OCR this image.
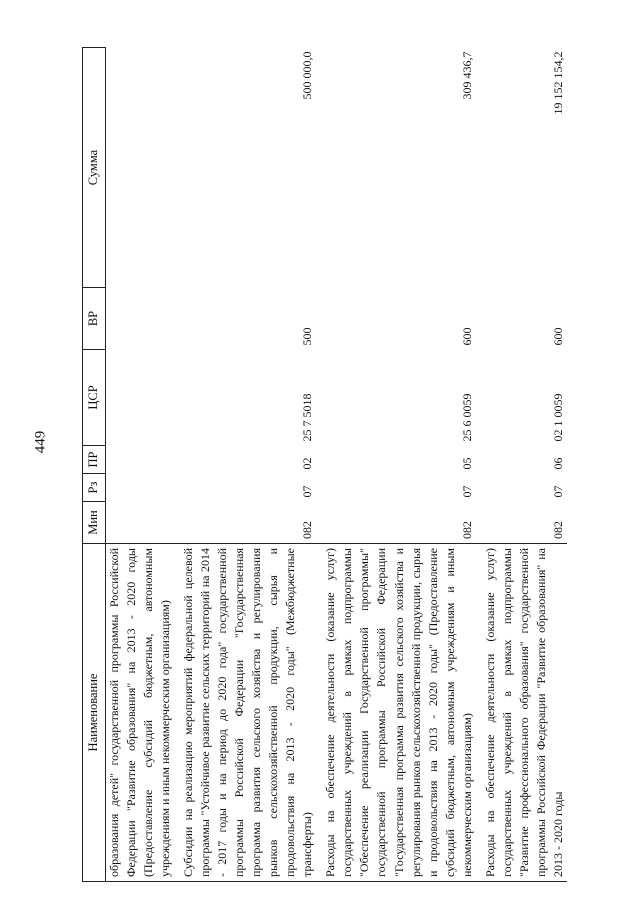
449
Наименование	Мин	Рз	ПР	ЦСР	ВР	Сумма
образования детей" государственной программы Российской Федерации "Развитие образования" на 2013 - 2020 годы (Предоставление субсидий бюджетным, автономным учреждениям и иным некоммерческим организациям)						
Субсидии на реализацию мероприятий федеральной целевой программы "Устойчивое развитие сельских территорий на 2014 - 2017 годы и на период до 2020 года" государственной программы Российской Федерации "Государственная программа развития сельского хозяйства и регулирования рынков сельскохозяйственной продукции, сырья и продовольствия на 2013 - 2020 годы" (Межбюджетные трансферты)	082	07	02	25 7 5018	500	500 000,0
Расходы на обеспечение деятельности (оказание услуг) государственных учреждений в рамках подпрограммы "Обеспечение реализации Государственной программы" государственной программы Российской Федерации "Государственная программа развития сельского хозяйства и регулирования рынков сельскохозяйственной продукции, сырья и продовольствия на 2013 - 2020 годы" (Предоставление субсидий бюджетным, автономным учреждениям и иным некоммерческим организациям)	082	07	05	25 6 0059	600	309 436,7
Расходы на обеспечение деятельности (оказание услуг) государственных учреждений в рамках подпрограммы "Развитие профессионального образования" государственной программы Российской Федерации "Развитие образования" на 2013 - 2020 годы	082	07	06	02 1 0059	600	19 152 154,2
